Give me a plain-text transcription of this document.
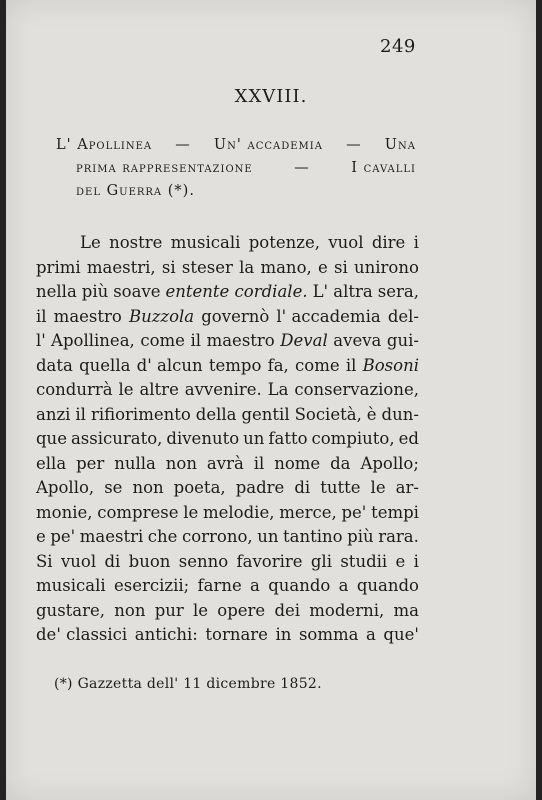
249
XXVIII.
L' Apollinea — Un' accademia — Una
prima rappresentazione	—	I cavalli
del Guerra (*).
Le nostre musicali potenze, vuol dire i
primi maestri, si steser la mano, e si unirono
nella più soave entente cordiale. L' altra sera,
il maestro Buzzola governò l' accademia del-
l' Apollinea, come il maestro Deval aveva gui-
data quella d' alcun tempo fa, come il Bosoni
condurrà le altre avvenire. La conservazione,
anzi il rifiorimento della gentil Società, è dun-
que assicurato, divenuto un fatto compiuto, ed
ella per nulla non avrà il nome da Apollo;
Apollo, se non poeta, padre di tutte le ar-
monie, comprese le melodie, merce, pe' tempi
e pe' maestri che corrono, un tantino più rara.
Si vuol di buon senno favorire gli studii e i
musicali esercizii; farne a quando a quando
gustare, non pur le opere dei moderni, ma
de' classici antichi: tornare in somma a que'
(*) Gazzetta dell' 11 dicembre 1852.
